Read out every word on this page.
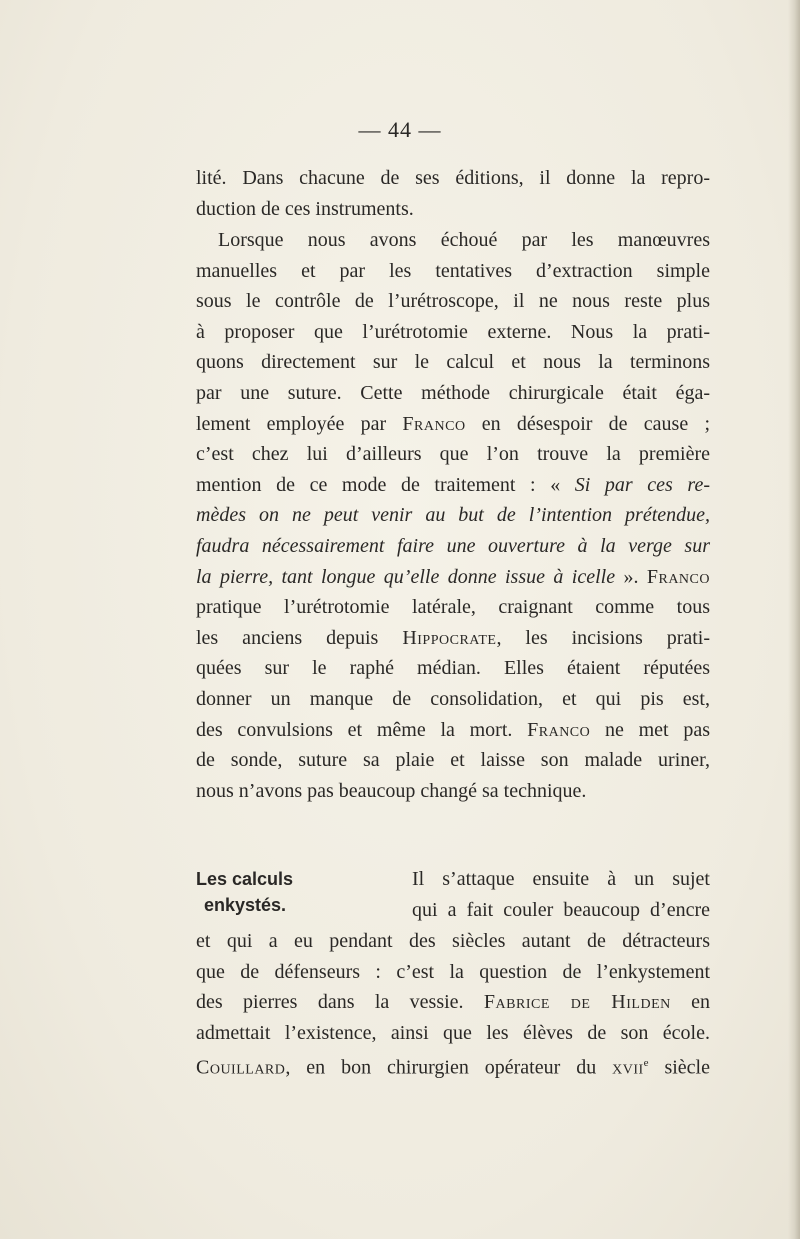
— 44 —
lité. Dans chacune de ses éditions, il donne la repro-
duction de ces instruments.
Lorsque nous avons échoué par les manœuvres
manuelles et par les tentatives d’extraction simple
sous le contrôle de l’urétroscope, il ne nous reste plus
à proposer que l’urétrotomie externe. Nous la prati-
quons directement sur le calcul et nous la terminons
par une suture. Cette méthode chirurgicale était éga-
lement employée par Franco en désespoir de cause ;
c’est chez lui d’ailleurs que l’on trouve la première
mention de ce mode de traitement : « Si par ces re-
mèdes on ne peut venir au but de l’intention prétendue,
faudra nécessairement faire une ouverture à la verge sur
la pierre, tant longue qu’elle donne issue à icelle ». Franco
pratique l’urétrotomie latérale, craignant comme tous
les anciens depuis Hippocrate, les incisions prati-
quées sur le raphé médian. Elles étaient réputées
donner un manque de consolidation, et qui pis est,
des convulsions et même la mort. Franco ne met pas
de sonde, suture sa plaie et laisse son malade uriner,
nous n’avons pas beaucoup changé sa technique.
Les calculs
enkystés.
Il s’attaque ensuite à un sujet
qui a fait couler beaucoup d’encre
et qui a eu pendant des siècles autant de détracteurs
que de défenseurs : c’est la question de l’enkystement
des pierres dans la vessie. Fabrice de Hilden en
admettait l’existence, ainsi que les élèves de son école.
Couillard, en bon chirurgien opérateur du xvii$^e$ siècle
